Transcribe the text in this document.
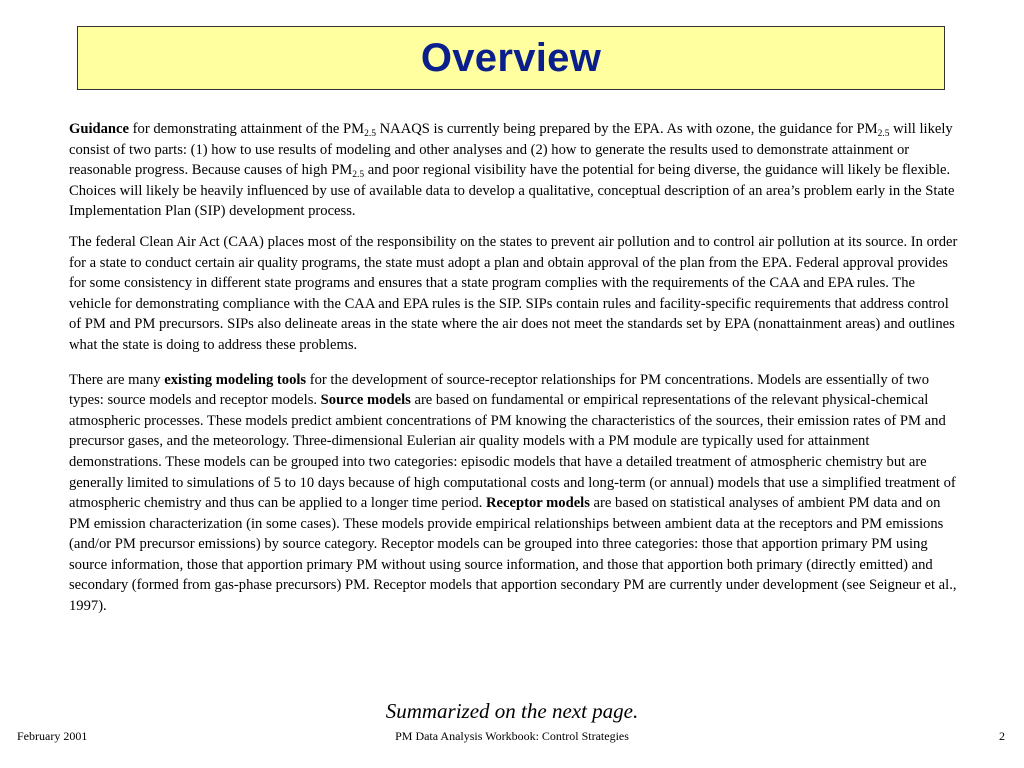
Overview

Guidance for demonstrating attainment of the $PM_{2.5}$ NAAQS is currently being prepared by the EPA. As with ozone, the guidance for $PM_{2.5}$ will likely consist of two parts: (1) how to use results of modeling and other analyses and (2) how to generate the results used to demonstrate attainment or reasonable progress. Because causes of high $PM_{2.5}$ and poor regional visibility have the potential for being diverse, the guidance will likely be flexible. Choices will likely be heavily influenced by use of available data to develop a qualitative, conceptual description of an area’s problem early in the State Implementation Plan (SIP) development process.

The federal Clean Air Act (CAA) places most of the responsibility on the states to prevent air pollution and to control air pollution at its source. In order for a state to conduct certain air quality programs, the state must adopt a plan and obtain approval of the plan from the EPA. Federal approval provides for some consistency in different state programs and ensures that a state program complies with the requirements of the CAA and EPA rules. The vehicle for demonstrating compliance with the CAA and EPA rules is the SIP. SIPs contain rules and facility-specific requirements that address control of PM and PM precursors. SIPs also delineate areas in the state where the air does not meet the standards set by EPA (nonattainment areas) and outlines what the state is doing to address these problems.

There are many existing modeling tools for the development of source-receptor relationships for PM concentrations. Models are essentially of two types: source models and receptor models. Source models are based on fundamental or empirical representations of the relevant physical-chemical atmospheric processes. These models predict ambient concentrations of PM knowing the characteristics of the sources, their emission rates of PM and precursor gases, and the meteorology. Three-dimensional Eulerian air quality models with a PM module are typically used for attainment demonstrations. These models can be grouped into two categories: episodic models that have a detailed treatment of atmospheric chemistry but are generally limited to simulations of 5 to 10 days because of high computational costs and long-term (or annual) models that use a simplified treatment of atmospheric chemistry and thus can be applied to a longer time period. Receptor models are based on statistical analyses of ambient PM data and on PM emission characterization (in some cases). These models provide empirical relationships between ambient data at the receptors and PM emissions (and/or PM precursor emissions) by source category. Receptor models can be grouped into three categories: those that apportion primary PM using source information, those that apportion primary PM without using source information, and those that apportion both primary (directly emitted) and secondary (formed from gas-phase precursors) PM. Receptor models that apportion secondary PM are currently under development (see Seigneur et al., 1997).

Summarized on the next page.
February 2001	PM Data Analysis Workbook: Control Strategies	2
